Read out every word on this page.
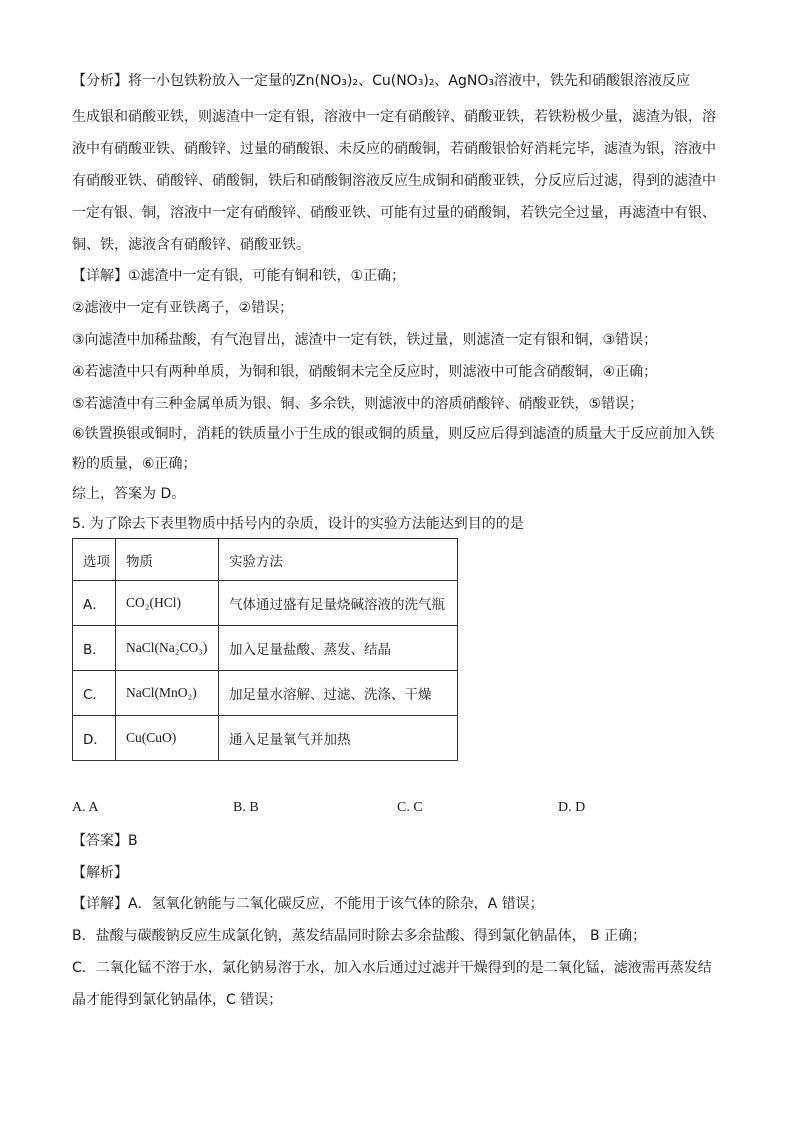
【分析】将一小包铁粉放入一定量的Zn(NO₃)₂、Cu(NO₃)₂、AgNO₃溶液中，铁先和硝酸银溶液反应
生成银和硝酸亚铁，则滤渣中一定有银，溶液中一定有硝酸锌、硝酸亚铁，若铁粉极少量，滤渣为银，溶
液中有硝酸亚铁、硝酸锌、过量的硝酸银、未反应的硝酸铜，若硝酸银恰好消耗完毕，滤渣为银，溶液中
有硝酸亚铁、硝酸锌、硝酸铜，铁后和硝酸铜溶液反应生成铜和硝酸亚铁，分反应后过滤，得到的滤渣中
一定有银、铜，溶液中一定有硝酸锌、硝酸亚铁、可能有过量的硝酸铜，若铁完全过量，再滤渣中有银、
铜、铁，滤液含有硝酸锌、硝酸亚铁。
【详解】①滤渣中一定有银，可能有铜和铁，①正确；
②滤液中一定有亚铁离子，②错误；
③向滤渣中加稀盐酸，有气泡冒出，滤渣中一定有铁，铁过量，则滤渣一定有银和铜，③错误；
④若滤渣中只有两种单质，为铜和银，硝酸铜未完全反应时，则滤液中可能含硝酸铜，④正确；
⑤若滤渣中有三种金属单质为银、铜、多余铁，则滤液中的溶质硝酸锌、硝酸亚铁，⑤错误；
⑥铁置换银或铜时，消耗的铁质量小于生成的银或铜的质量，则反应后得到滤渣的质量大于反应前加入铁
粉的质量，⑥正确；
综上，答案为 D。
5. 为了除去下表里物质中括号内的杂质，设计的实验方法能达到目的的是
选项	物质	实验方法
A．	CO₂(HCl)	气体通过盛有足量烧碱溶液的洗气瓶
B．	NaCl(Na₂CO₃)	加入足量盐酸、蒸发、结晶
C．	NaCl(MnO₂)	加足量水溶解、过滤、洗涤、干燥
D．	Cu(CuO)	通入足量氧气并加热
A. A	B. B	C. C	D. D
【答案】B
【解析】
【详解】A．氢氧化钠能与二氧化碳反应，不能用于该气体的除杂，A 错误；
B．盐酸与碳酸钠反应生成氯化钠，蒸发结晶同时除去多余盐酸、得到氯化钠晶体， B 正确；
C．二氧化锰不溶于水，氯化钠易溶于水，加入水后通过过滤并干燥得到的是二氧化锰，滤液需再蒸发结
晶才能得到氯化钠晶体，C 错误；
